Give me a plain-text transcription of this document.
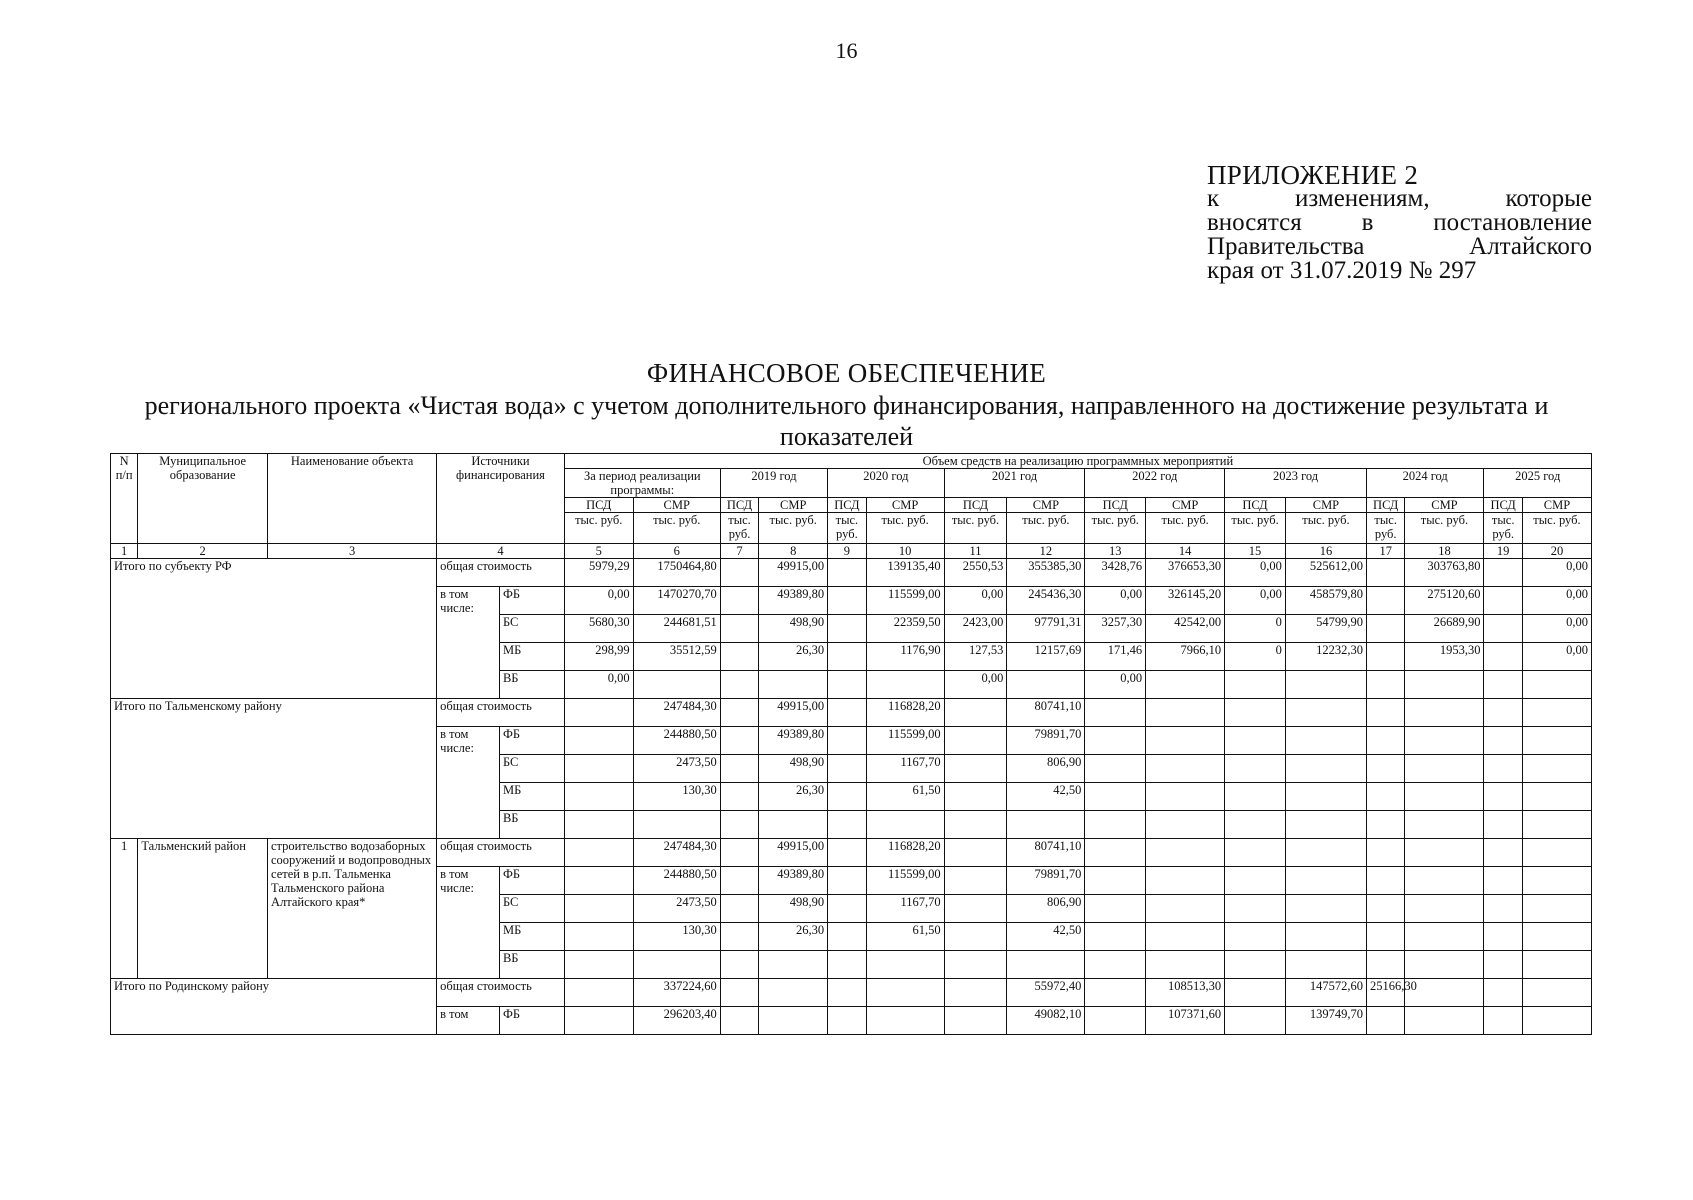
16
ПРИЛОЖЕНИЕ 2
к	изменениям,	которые
вносятся в постановление
Правительства	Алтайского
края от 31.07.2019 № 297
ФИНАНСОВОЕ ОБЕСПЕЧЕНИЕ
регионального проекта «Чистая вода» с учетом дополнительного финансирования, направленного на достижение результата и показателей
N п/п	Муниципальное образование	Наименование объекта	Источники финансирования		Объем средств на реализацию программных мероприятий															
					За период реализации программы:		2019 год		2020 год		2021 год		2022 год		2023 год		2024 год		2025 год	
					ПСД	СМР	ПСД	СМР	ПСД	СМР	ПСД	СМР	ПСД	СМР	ПСД	СМР	ПСД	СМР	ПСД	СМР
					тыс. руб.	тыс. руб.	тыс. руб.	тыс. руб.	тыс. руб.	тыс. руб.	тыс. руб.	тыс. руб.	тыс. руб.	тыс. руб.	тыс. руб.	тыс. руб.	тыс. руб.	тыс. руб.	тыс. руб.	тыс. руб.
1	2	3	4		5	6	7	8	9	10	11	12	13	14	15	16	17	18	19	20
Итого по субъекту РФ			общая стоимость		5979,29	1750464,80		49915,00		139135,40	2550,53	355385,30	3428,76	376653,30	0,00	525612,00		303763,80		0,00
			в том числе:	ФБ	0,00	1470270,70		49389,80		115599,00	0,00	245436,30	0,00	326145,20	0,00	458579,80		275120,60		0,00
				БС	5680,30	244681,51		498,90		22359,50	2423,00	97791,31	3257,30	42542,00	0	54799,90		26689,90		0,00
				МБ	298,99	35512,59		26,30		1176,90	127,53	12157,69	171,46	7966,10	0	12232,30		1953,30		0,00
				ВБ	0,00						0,00		0,00							
Итого по Тальменскому району			общая стоимость			247484,30		49915,00		116828,20		80741,10								
			в том числе:	ФБ		244880,50		49389,80		115599,00		79891,70								
				БС		2473,50		498,90		1167,70		806,90								
				МБ		130,30		26,30		61,50		42,50								
				ВБ																
1	Тальменский район	строительство водозаборных сооружений и водопроводных сетей в р.п. Тальменка Тальменского района Алтайского края*	общая стоимость			247484,30		49915,00		116828,20		80741,10								
			в том числе:	ФБ		244880,50		49389,80		115599,00		79891,70								
				БС		2473,50		498,90		1167,70		806,90								
				МБ		130,30		26,30		61,50		42,50								
				ВБ																
Итого по Родинскому району			общая стоимость			337224,60						55972,40		108513,30		147572,60	25166,30			
			в том	ФБ		296203,40						49082,10		107371,60		139749,70				
